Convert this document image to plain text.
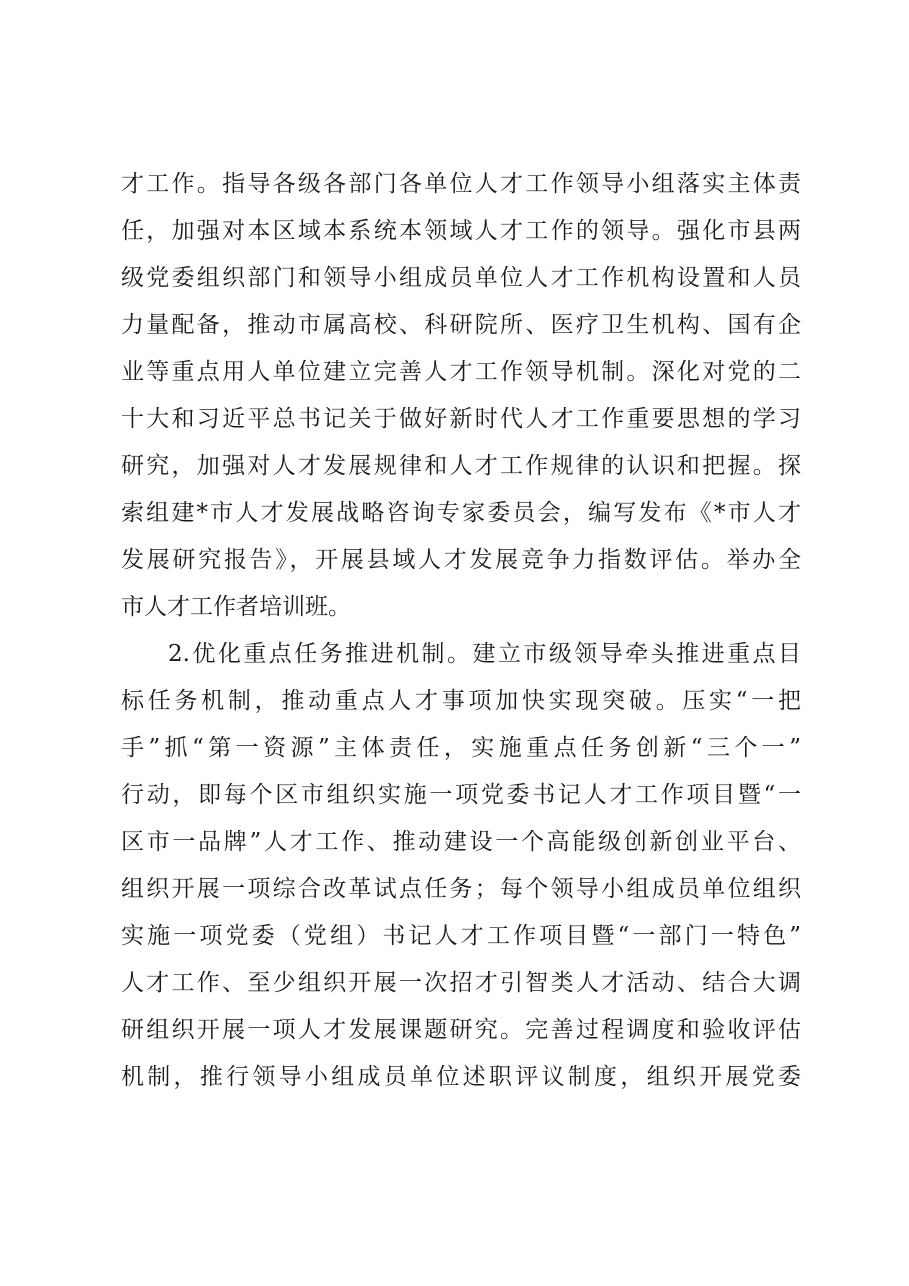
才工作。指导各级各部门各单位人才工作领导小组落实主体责
任，加强对本区域本系统本领域人才工作的领导。强化市县两
级党委组织部门和领导小组成员单位人才工作机构设置和人员
力量配备，推动市属高校、科研院所、医疗卫生机构、国有企
业等重点用人单位建立完善人才工作领导机制。深化对党的二
十大和习近平总书记关于做好新时代人才工作重要思想的学习
研究，加强对人才发展规律和人才工作规律的认识和把握。探
索组建*市人才发展战略咨询专家委员会，编写发布《*市人才
发展研究报告》，开展县域人才发展竞争力指数评估。举办全
市人才工作者培训班。
2.优化重点任务推进机制。建立市级领导牵头推进重点目
标任务机制，推动重点人才事项加快实现突破。压实“一把
手”抓“第一资源”主体责任，实施重点任务创新“三个一”
行动，即每个区市组织实施一项党委书记人才工作项目暨“一
区市一品牌”人才工作、推动建设一个高能级创新创业平台、
组织开展一项综合改革试点任务；每个领导小组成员单位组织
实施一项党委（党组）书记人才工作项目暨“一部门一特色”
人才工作、至少组织开展一次招才引智类人才活动、结合大调
研组织开展一项人才发展课题研究。完善过程调度和验收评估
机制，推行领导小组成员单位述职评议制度，组织开展党委
